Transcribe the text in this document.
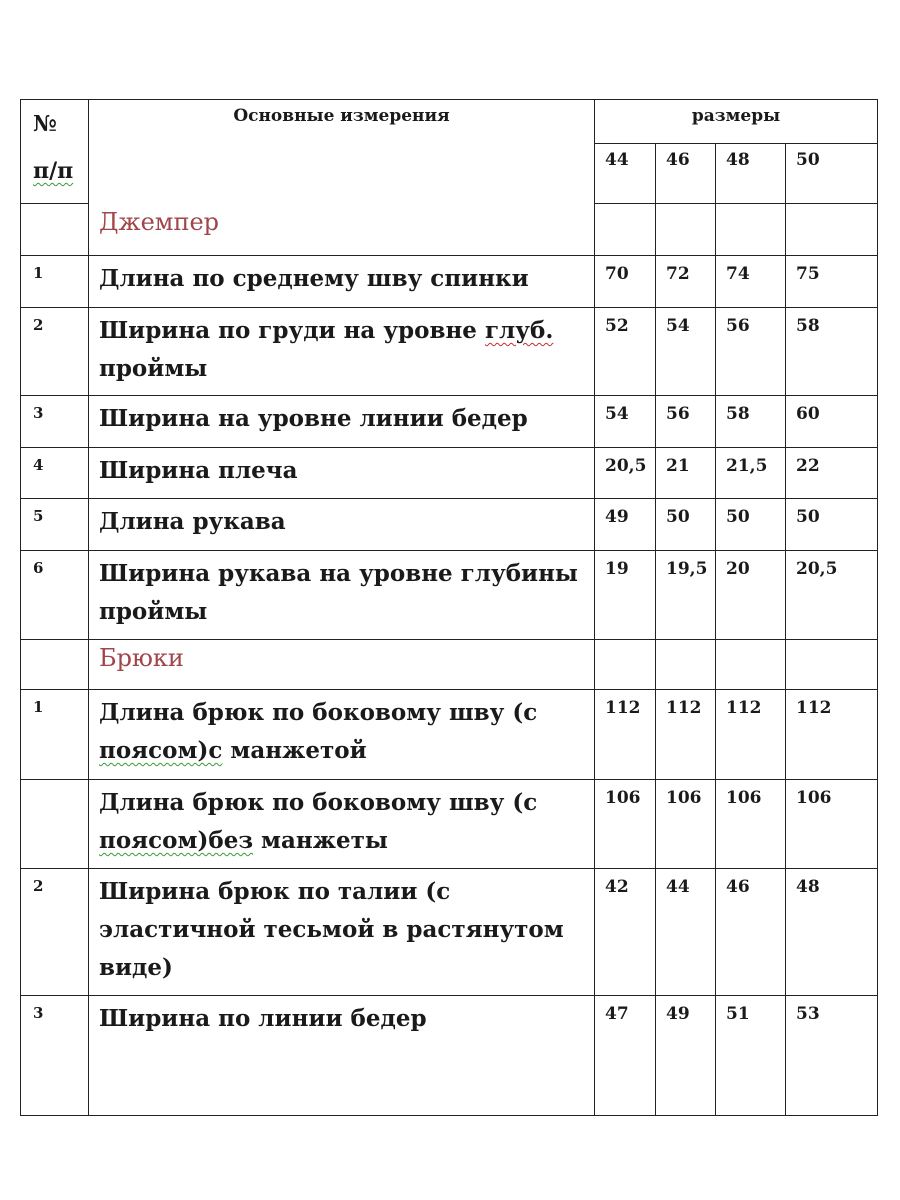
№
п/п	Основные измерения	размеры			
		44	46	48	50
	Джемпер				
1	Длина по среднему шву спинки	70	72	74	75
2	Ширина по груди на уровне глуб. проймы	52	54	56	58
3	Ширина на уровне линии бедер	54	56	58	60
4	Ширина плеча	20,5	21	21,5	22
5	Длина рукава	49	50	50	50
6	Ширина рукава на уровне глубины проймы	19	19,5	20	20,5
	Брюки				
1	Длина брюк по боковому шву (с поясом)с манжетой	112	112	112	112
	Длина брюк по боковому шву (с поясом)без манжеты	106	106	106	106
2	Ширина брюк по талии (с эластичной тесьмой в растянутом виде)	42	44	46	48
3	Ширина по линии бедер	47	49	51	53
